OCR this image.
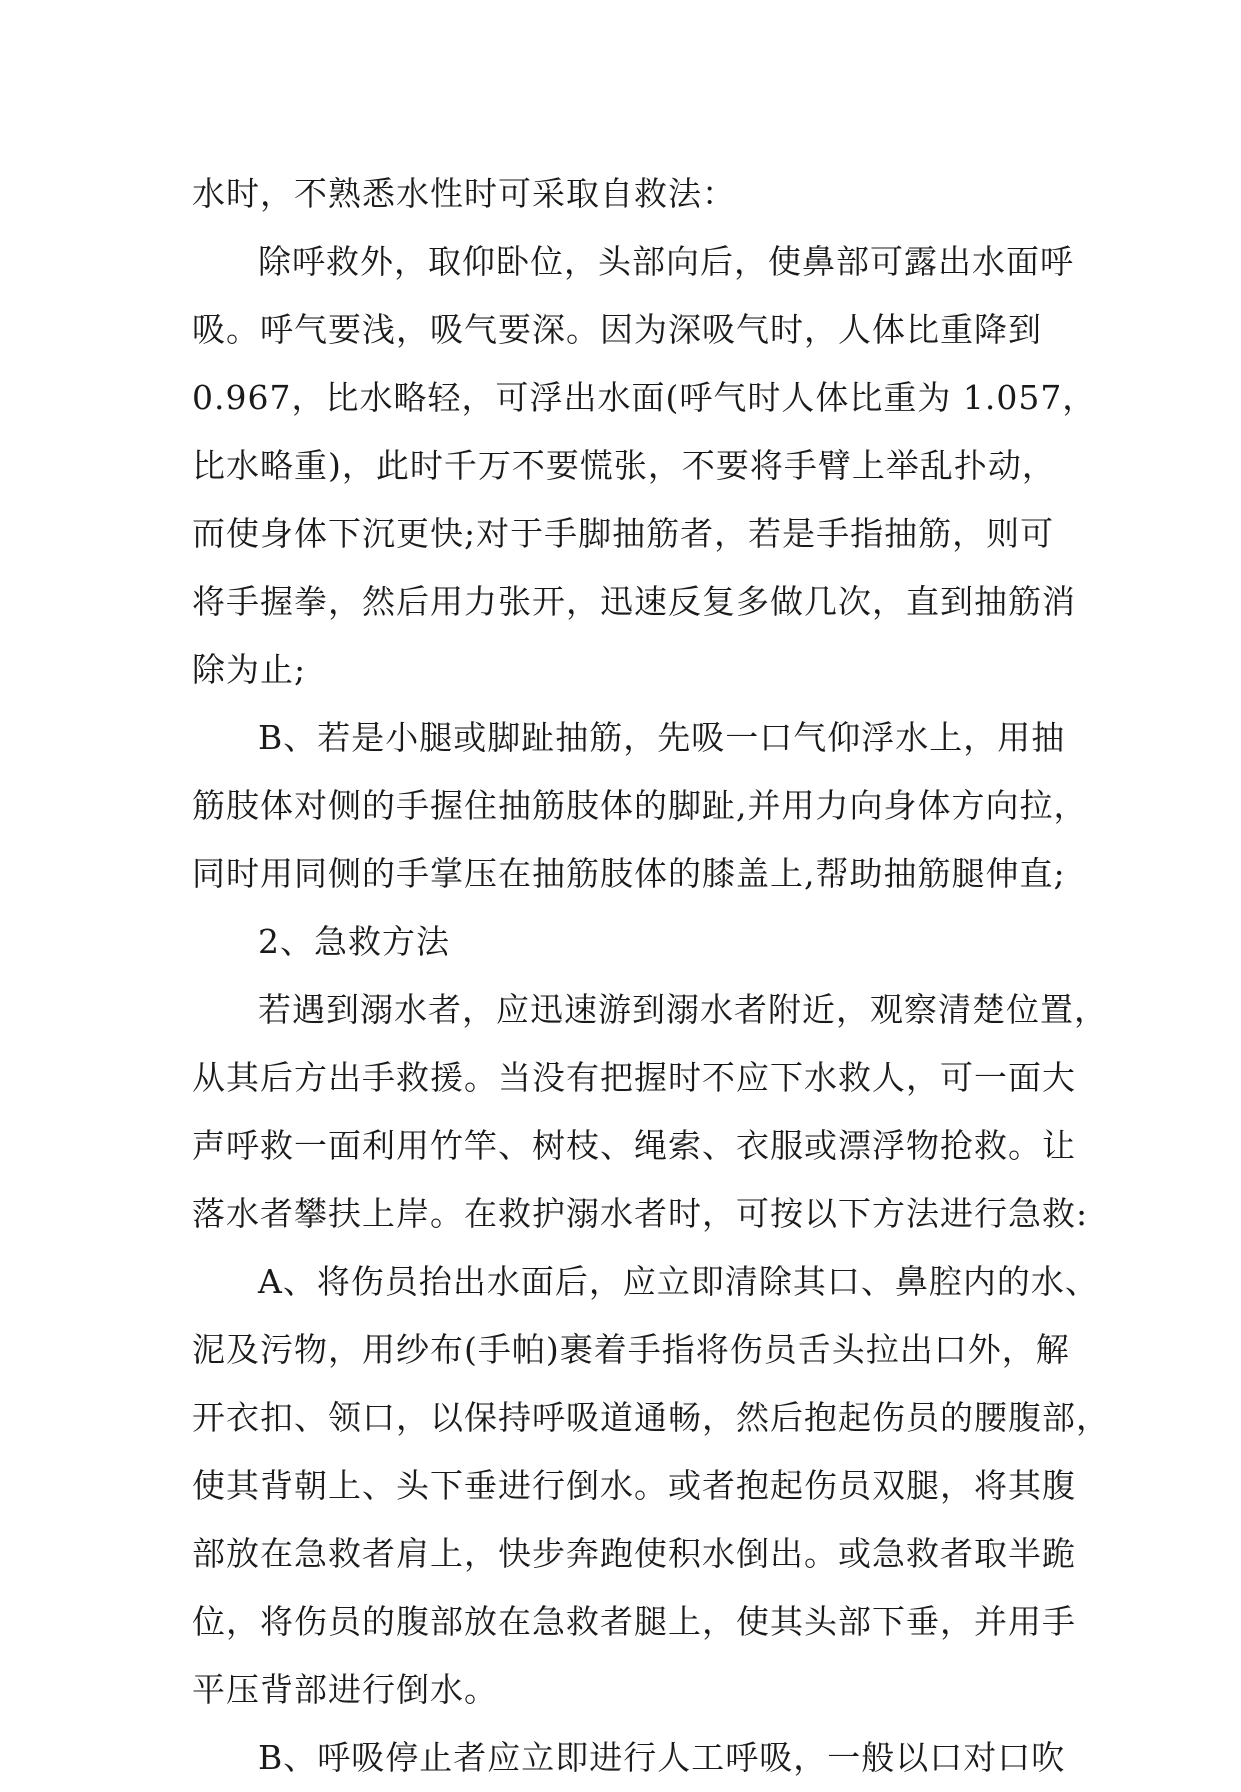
水时，不熟悉水性时可采取自救法：
除呼救外，取仰卧位，头部向后，使鼻部可露出水面呼
吸。呼气要浅，吸气要深。因为深吸气时，人体比重降到
0.967，比水略轻，可浮出水面(呼气时人体比重为 1.057，
比水略重)，此时千万不要慌张，不要将手臂上举乱扑动，
而使身体下沉更快;对于手脚抽筋者，若是手指抽筋，则可
将手握拳，然后用力张开，迅速反复多做几次，直到抽筋消
除为止;
B、若是小腿或脚趾抽筋，先吸一口气仰浮水上，用抽
筋肢体对侧的手握住抽筋肢体的脚趾,并用力向身体方向拉，
同时用同侧的手掌压在抽筋肢体的膝盖上,帮助抽筋腿伸直;
2、急救方法
若遇到溺水者，应迅速游到溺水者附近，观察清楚位置，
从其后方出手救援。当没有把握时不应下水救人，可一面大
声呼救一面利用竹竿、树枝、绳索、衣服或漂浮物抢救。让
落水者攀扶上岸。在救护溺水者时，可按以下方法进行急救:
A、将伤员抬出水面后，应立即清除其口、鼻腔内的水、
泥及污物，用纱布(手帕)裹着手指将伤员舌头拉出口外，解
开衣扣、领口，以保持呼吸道通畅，然后抱起伤员的腰腹部，
使其背朝上、头下垂进行倒水。或者抱起伤员双腿，将其腹
部放在急救者肩上，快步奔跑使积水倒出。或急救者取半跪
位，将伤员的腹部放在急救者腿上，使其头部下垂，并用手
平压背部进行倒水。
B、呼吸停止者应立即进行人工呼吸，一般以口对口吹
